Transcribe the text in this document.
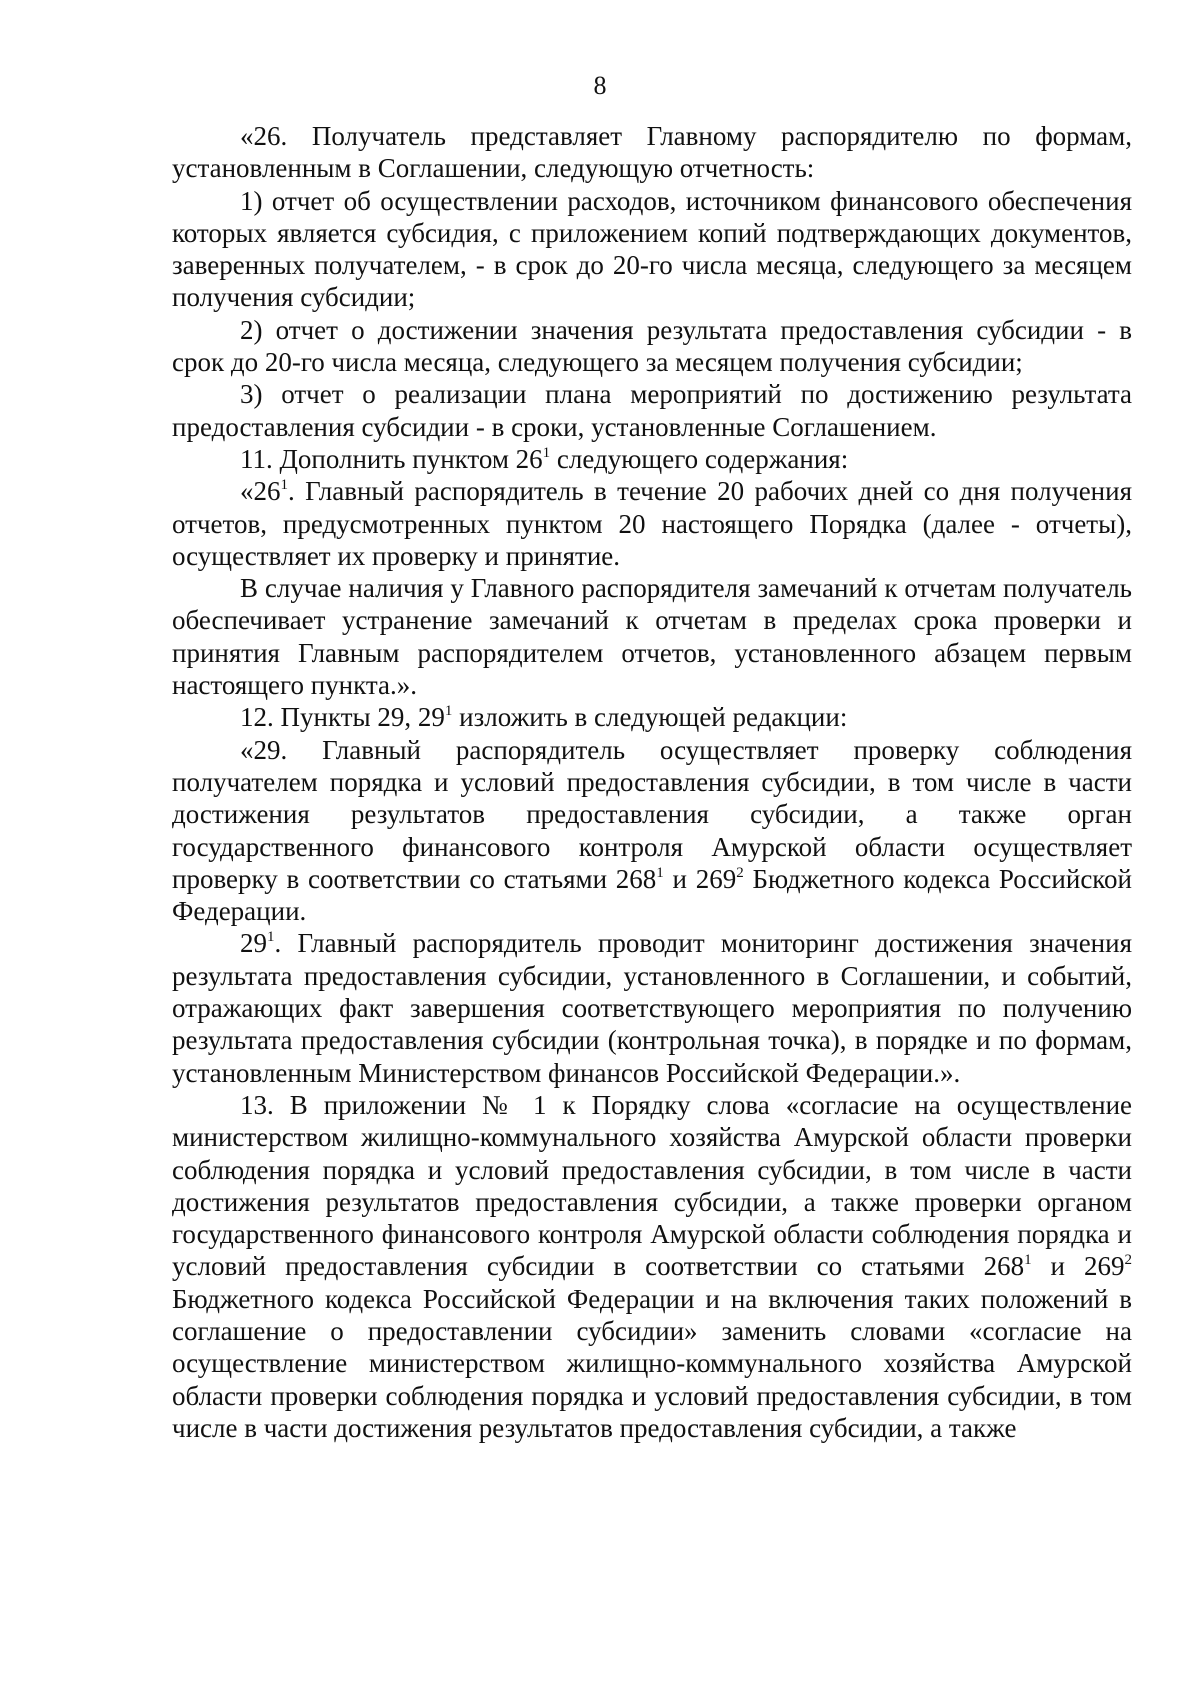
8

«26. Получатель представляет Главному распорядителю по формам, установленным в Соглашении, следующую отчетность:

1) отчет об осуществлении расходов, источником финансового обеспечения которых является субсидия, с приложением копий подтверждающих документов, заверенных получателем, - в срок до 20-го числа месяца, следующего за месяцем получения субсидии;

2) отчет о достижении значения результата предоставления субсидии - в срок до 20-го числа месяца, следующего за месяцем получения субсидии;

3) отчет о реализации плана мероприятий по достижению результата предоставления субсидии - в сроки, установленные Соглашением.

11. Дополнить пунктом $26^1$ следующего содержания:

«$26^1$. Главный распорядитель в течение 20 рабочих дней со дня получения отчетов, предусмотренных пунктом 20 настоящего Порядка (далее - отчеты), осуществляет их проверку и принятие.

В случае наличия у Главного распорядителя замечаний к отчетам получатель обеспечивает устранение замечаний к отчетам в пределах срока проверки и принятия Главным распорядителем отчетов, установленного абзацем первым настоящего пункта.».

12. Пункты 29, $29^1$ изложить в следующей редакции:

«29. Главный распорядитель осуществляет проверку соблюдения получателем порядка и условий предоставления субсидии, в том числе в части достижения результатов предоставления субсидии, а также орган государственного финансового контроля Амурской области осуществляет проверку в соответствии со статьями $268^1$ и $269^2$ Бюджетного кодекса Российской Федерации.

$29^1$. Главный распорядитель проводит мониторинг достижения значения результата предоставления субсидии, установленного в Соглашении, и событий, отражающих факт завершения соответствующего мероприятия по получению результата предоставления субсидии (контрольная точка), в порядке и по формам, установленным Министерством финансов Российской Федерации.».

13. В приложении № 1 к Порядку слова «согласие на осуществление министерством жилищно-коммунального хозяйства Амурской области проверки соблюдения порядка и условий предоставления субсидии, в том числе в части достижения результатов предоставления субсидии, а также проверки органом государственного финансового контроля Амурской области соблюдения порядка и условий предоставления субсидии в соответствии со статьями $268^1$ и $269^2$ Бюджетного кодекса Российской Федерации и на включения таких положений в соглашение о предоставлении субсидии» заменить словами «согласие на осуществление министерством жилищно-коммунального хозяйства Амурской области проверки соблюдения порядка и условий предоставления субсидии, в том числе в части достижения результатов предоставления субсидии, а также
